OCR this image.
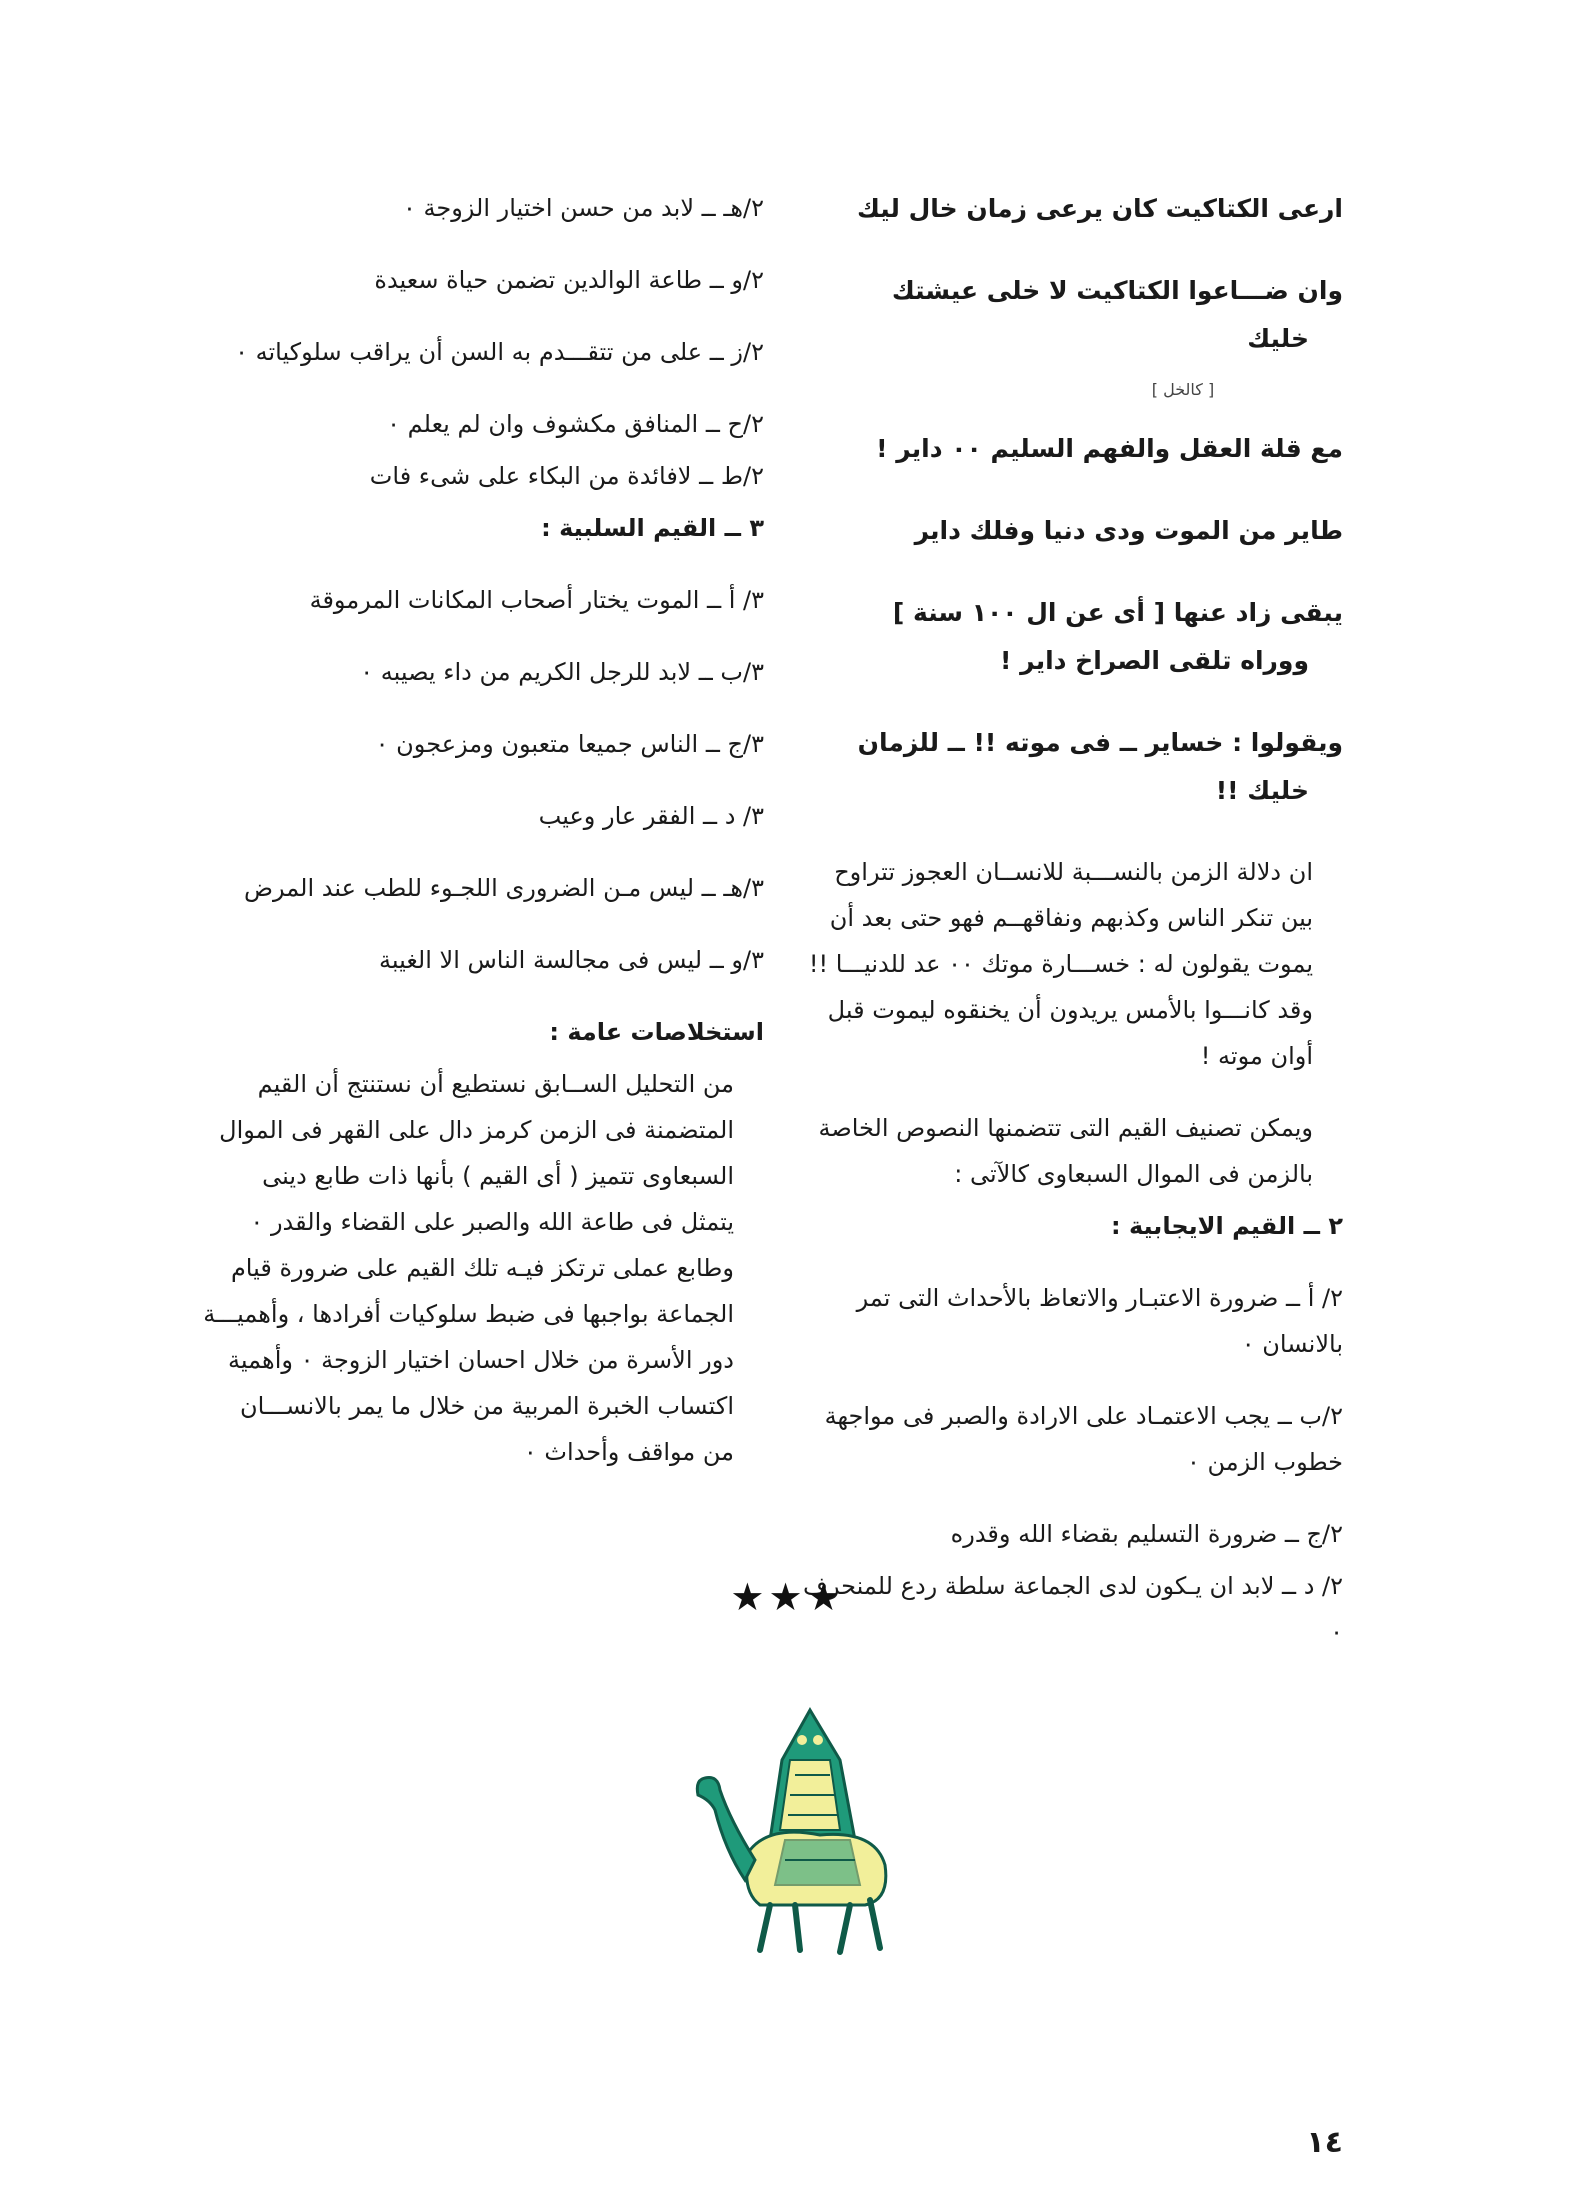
ارعى الكتاكيت كان يرعى زمان خال ليك
وان ضـــاعوا الكتاكيت لا خلى عيشتك
خليك
[ كالخل ]
مع قلة العقل والفهم السليم ٠٠ داير !
طاير من الموت ودى دنيا وفلك داير
يبقى زاد عنها [ أى عن ال ١٠٠ سنة ]
ووراه تلقى الصراخ داير !
ويقولوا : خساير ــ فى موته !! ــ للزمان
خليك !!
ان دلالة الزمن بالنســـبة للانســان العجوز تتراوح بين تنكر الناس وكذبهم ونفاقهــم فهو حتى بعد أن يموت يقولون له : خســـارة موتك ٠٠ عد للدنيـــا !! وقد كانـــوا بالأمس يريدون أن يخنقوه ليموت قبل أوان موته !
ويمكن تصنيف القيم التى تتضمنها النصوص الخاصة بالزمن فى الموال السبعاوى كالآتى :
٢ ــ القيم الايجابية :
٢/ أ ــ ضرورة الاعتبـار والاتعاظ بالأحداث التى تمر بالانسان ٠
٢/ب ــ يجب الاعتمـاد على الارادة والصبر فى مواجهة خطوب الزمن ٠
٢/ج ــ ضرورة التسليم بقضاء الله وقدره
٢/ د ــ لابد ان يـكون لدى الجماعة سلطة ردع للمنحرف ٠
٢/هـ ــ لابد من حسن اختيار الزوجة ٠
٢/و ــ طاعة الوالدين تضمن حياة سعيدة
٢/ز ــ على من تتقـــدم به السن أن يراقب سلوكياته ٠
٢/ح ــ المنافق مكشوف وان لم يعلم ٠
٢/ط ــ لافائدة من البكاء على شىء فات
٣ ــ القيم السلبية :
٣/ أ ــ الموت يختار أصحاب المكانات المرموقة
٣/ب ــ لابد للرجل الكريم من داء يصيبه ٠
٣/ج ــ الناس جميعا متعبون ومزعجون ٠
٣/ د ــ الفقر عار وعيب
٣/هـ ــ ليس مـن الضرورى اللجـوء للطب عند المرض
٣/و ــ ليس فى مجالسة الناس الا الغيبة
استخلاصات عامة :
من التحليل الســابق نستطيع أن نستنتج أن القيم المتضمنة فى الزمن كرمز دال على القهر فى الموال السبعاوى تتميز ( أى القيم ) بأنها ذات طابع دينى يتمثل فى طاعة الله والصبر على القضاء والقدر ٠ وطابع عملى ترتكز فيـه تلك القيم على ضرورة قيام الجماعة بواجبها فى ضبط سلوكيات أفرادها ، وأهميـــة دور الأسرة من خلال احسان اختيار الزوجة ٠ وأهمية اكتساب الخبرة المربية من خلال ما يمر بالانســـان من مواقف وأحداث ٠
★★★
١٤
